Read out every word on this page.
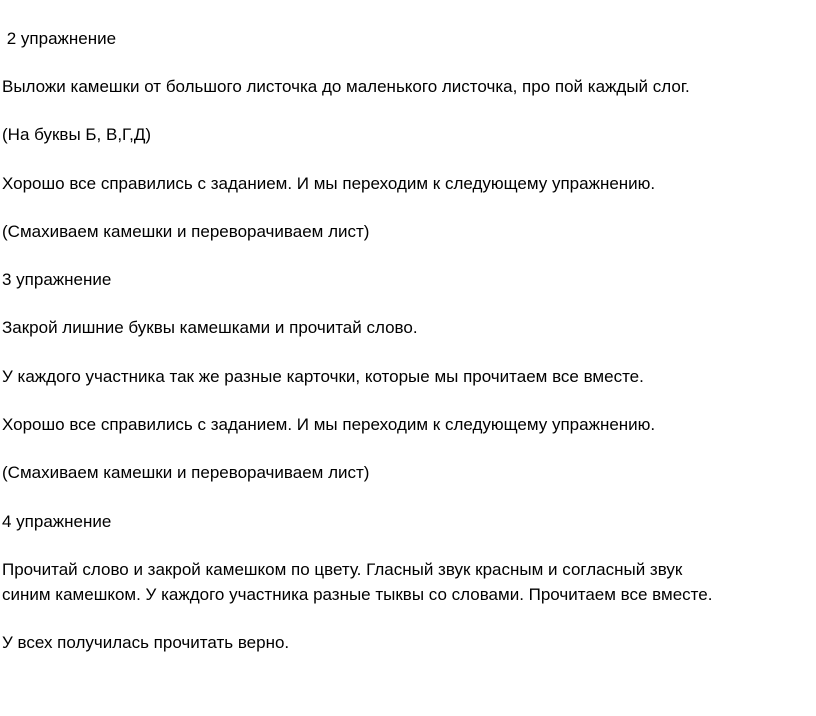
2 упражнение

Выложи камешки от большого листочка до маленького листочка, про пой каждый слог.

(На буквы Б, В,Г,Д)

Хорошо все справились с заданием. И мы переходим к следующему упражнению.

(Смахиваем камешки и переворачиваем лист)

3 упражнение

Закрой лишние буквы камешками и прочитай слово.

У каждого участника так же разные карточки, которые мы прочитаем все вместе.

Хорошо все справились с заданием. И мы переходим к следующему упражнению.

(Смахиваем камешки и переворачиваем лист)

4 упражнение

Прочитай слово и закрой камешком по цвету. Гласный звук красным и согласный звук

синим камешком. У каждого участника разные тыквы со словами. Прочитаем все вместе.

У всех получилась прочитать верно.
